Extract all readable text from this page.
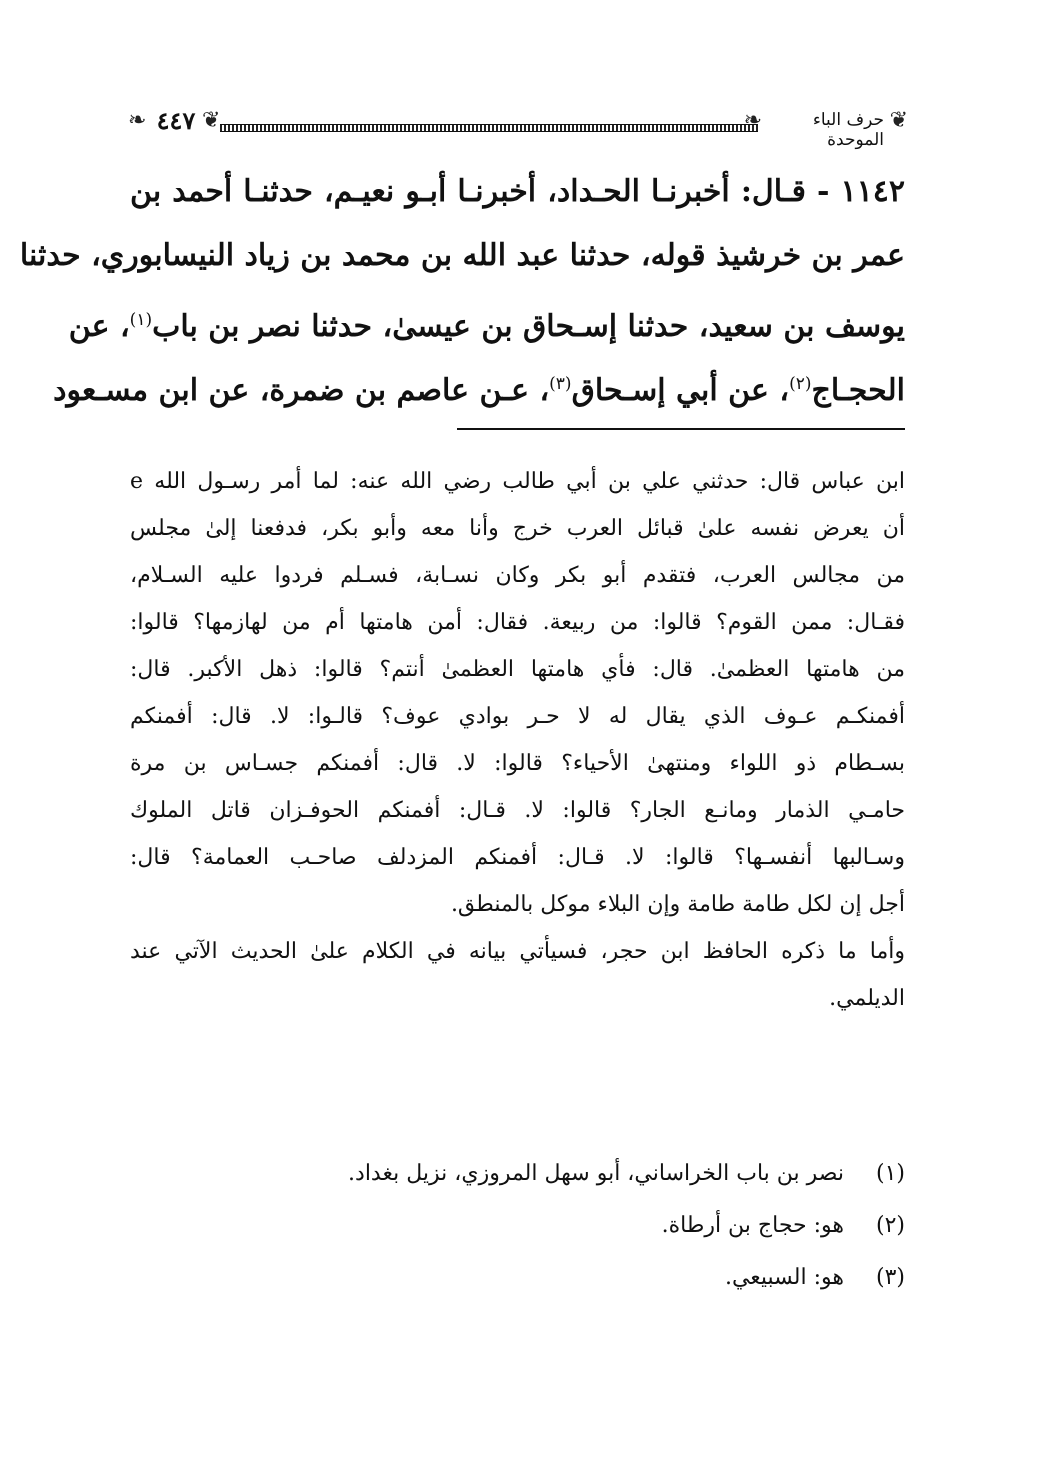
❧ ٤٤٧ ❦	❧	حرف الباء الموحدة
❦
١١٤٢ - قـال: أخبرنـا الحـداد، أخبرنـا أبـو نعيـم، حدثنـا أحمد بن
عمر بن خرشيذ قوله، حدثنا عبد الله بن محمد بن زياد النيسابوري، حدثنا
يوسف بن سعيد، حدثنا إسـحاق بن عيسىٰ، حدثنا نصر بن باب$^{(١)}$، عن
الحجـاج$^{(٢)}$، عن أبي إسـحاق$^{(٣)}$، عـن عاصم بن ضمرة، عن ابن مسـعود
ابن عباس قال: حدثني علي بن أبي طالب رضي الله عنه: لما أمر رسـول الله e
أن يعرض نفسه علىٰ قبائل العرب خرج وأنا معه وأبو بكر، فدفعنا إلىٰ مجلس
من مجالس العرب، فتقدم أبو بكر وكان نسـابة، فسـلم فردوا عليه السـلام،
فقـال: ممن القوم؟ قالوا: من ربيعة. فقال: أمن هامتها أم من لهازمها؟ قالوا:
من هامتها العظمىٰ. قال: فأي هامتها العظمىٰ أنتم؟ قالوا: ذهل الأكبر. قال:
أفمنكـم عـوف الذي يقال له لا حـر بوادي عوف؟ قالـوا: لا. قال: أفمنكم
بسـطام ذو اللواء ومنتهىٰ الأحياء؟ قالوا: لا. قال: أفمنكم جسـاس بن مرة
حامـي الذمار ومانـع الجار؟ قالوا: لا. قـال: أفمنكم الحوفـزان قاتل الملوك
وسـالبها أنفسـها؟ قالوا: لا. قـال: أفمنكم المزدلف صاحـب العمامة؟ قال:
أجل إن لكل طامة طامة وإن البلاء موكل بالمنطق.
وأما ما ذكره الحافظ ابن حجر، فسيأتي بيانه في الكلام علىٰ الحديث الآتي عند
الديلمي.
(١) نصر بن باب الخراساني، أبو سهل المروزي، نزيل بغداد.
(٢) هو: حجاج بن أرطاة.
(٣) هو: السبيعي.
